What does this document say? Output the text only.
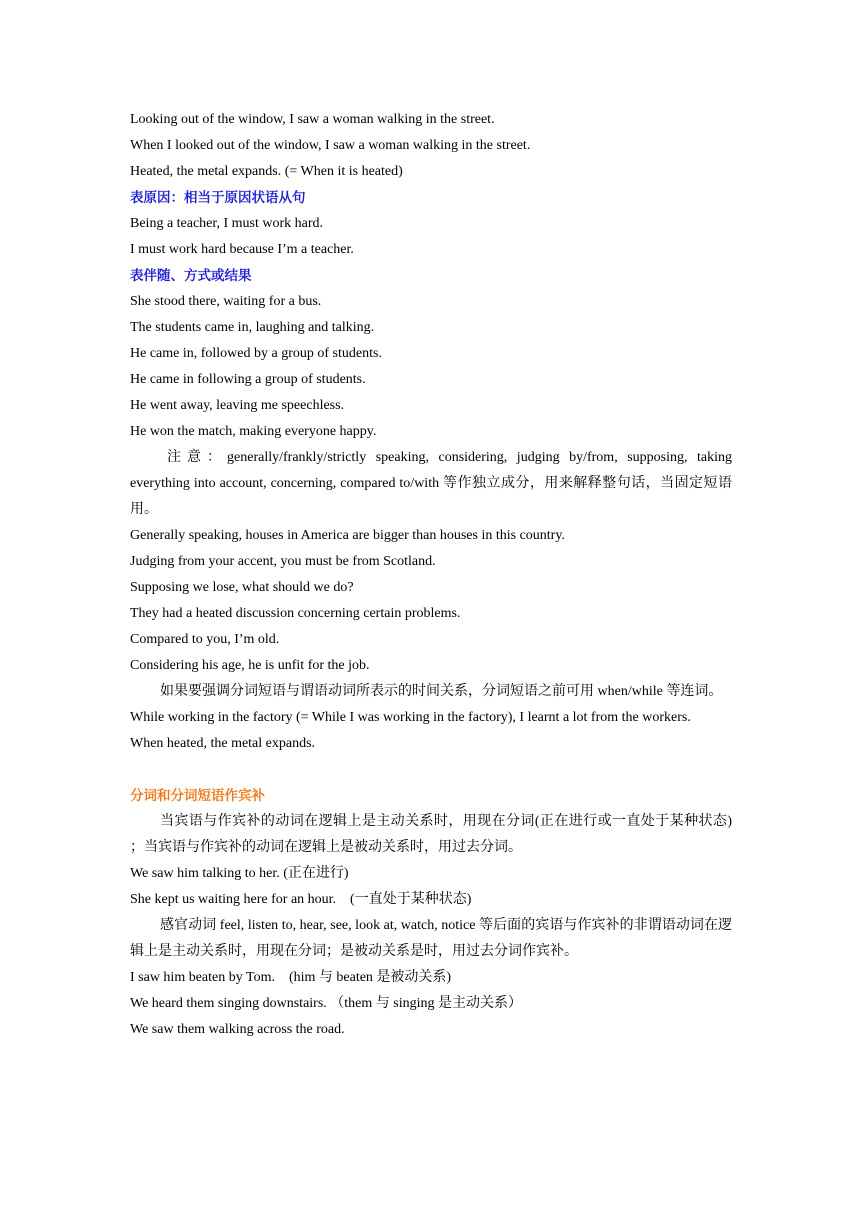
Looking out of the window, I saw a woman walking in the street.
When I looked out of the window, I saw a woman walking in the street.
Heated, the metal expands. (= When it is heated)
表原因：相当于原因状语从句
Being a teacher, I must work hard.
I must work hard because I’m a teacher.
表伴随、方式或结果
She stood there, waiting for a bus.
The students came in, laughing and talking.
He came in, followed by a group of students.
He came in following a group of students.
He went away, leaving me speechless.
He won the match, making everyone happy.
注意：generally/frankly/strictly speaking, considering, judging by/from, supposing, taking everything into account, concerning, compared to/with 等作独立成分，用来解释整句话，当固定短语用。
Generally speaking, houses in America are bigger than houses in this country.
Judging from your accent, you must be from Scotland.
Supposing we lose, what should we do?
They had a heated discussion concerning certain problems.
Compared to you, I’m old.
Considering his age, he is unfit for the job.
如果要强调分词短语与谓语动词所表示的时间关系，分词短语之前可用 when/while 等连词。
While working in the factory (= While I was working in the factory), I learnt a lot from the workers.
When heated, the metal expands.
分词和分词短语作宾补
当宾语与作宾补的动词在逻辑上是主动关系时，用现在分词(正在进行或一直处于某种状态) ；当宾语与作宾补的动词在逻辑上是被动关系时，用过去分词。
We saw him talking to her. (正在进行)
She kept us waiting here for an hour.　(一直处于某种状态)
感官动词 feel, listen to, hear, see, look at, watch, notice 等后面的宾语与作宾补的非谓语动词在逻辑上是主动关系时，用现在分词；是被动关系是时，用过去分词作宾补。
I saw him beaten by Tom.　(him 与 beaten 是被动关系)
We heard them singing downstairs. （them 与 singing 是主动关系）
We saw them walking across the road.
